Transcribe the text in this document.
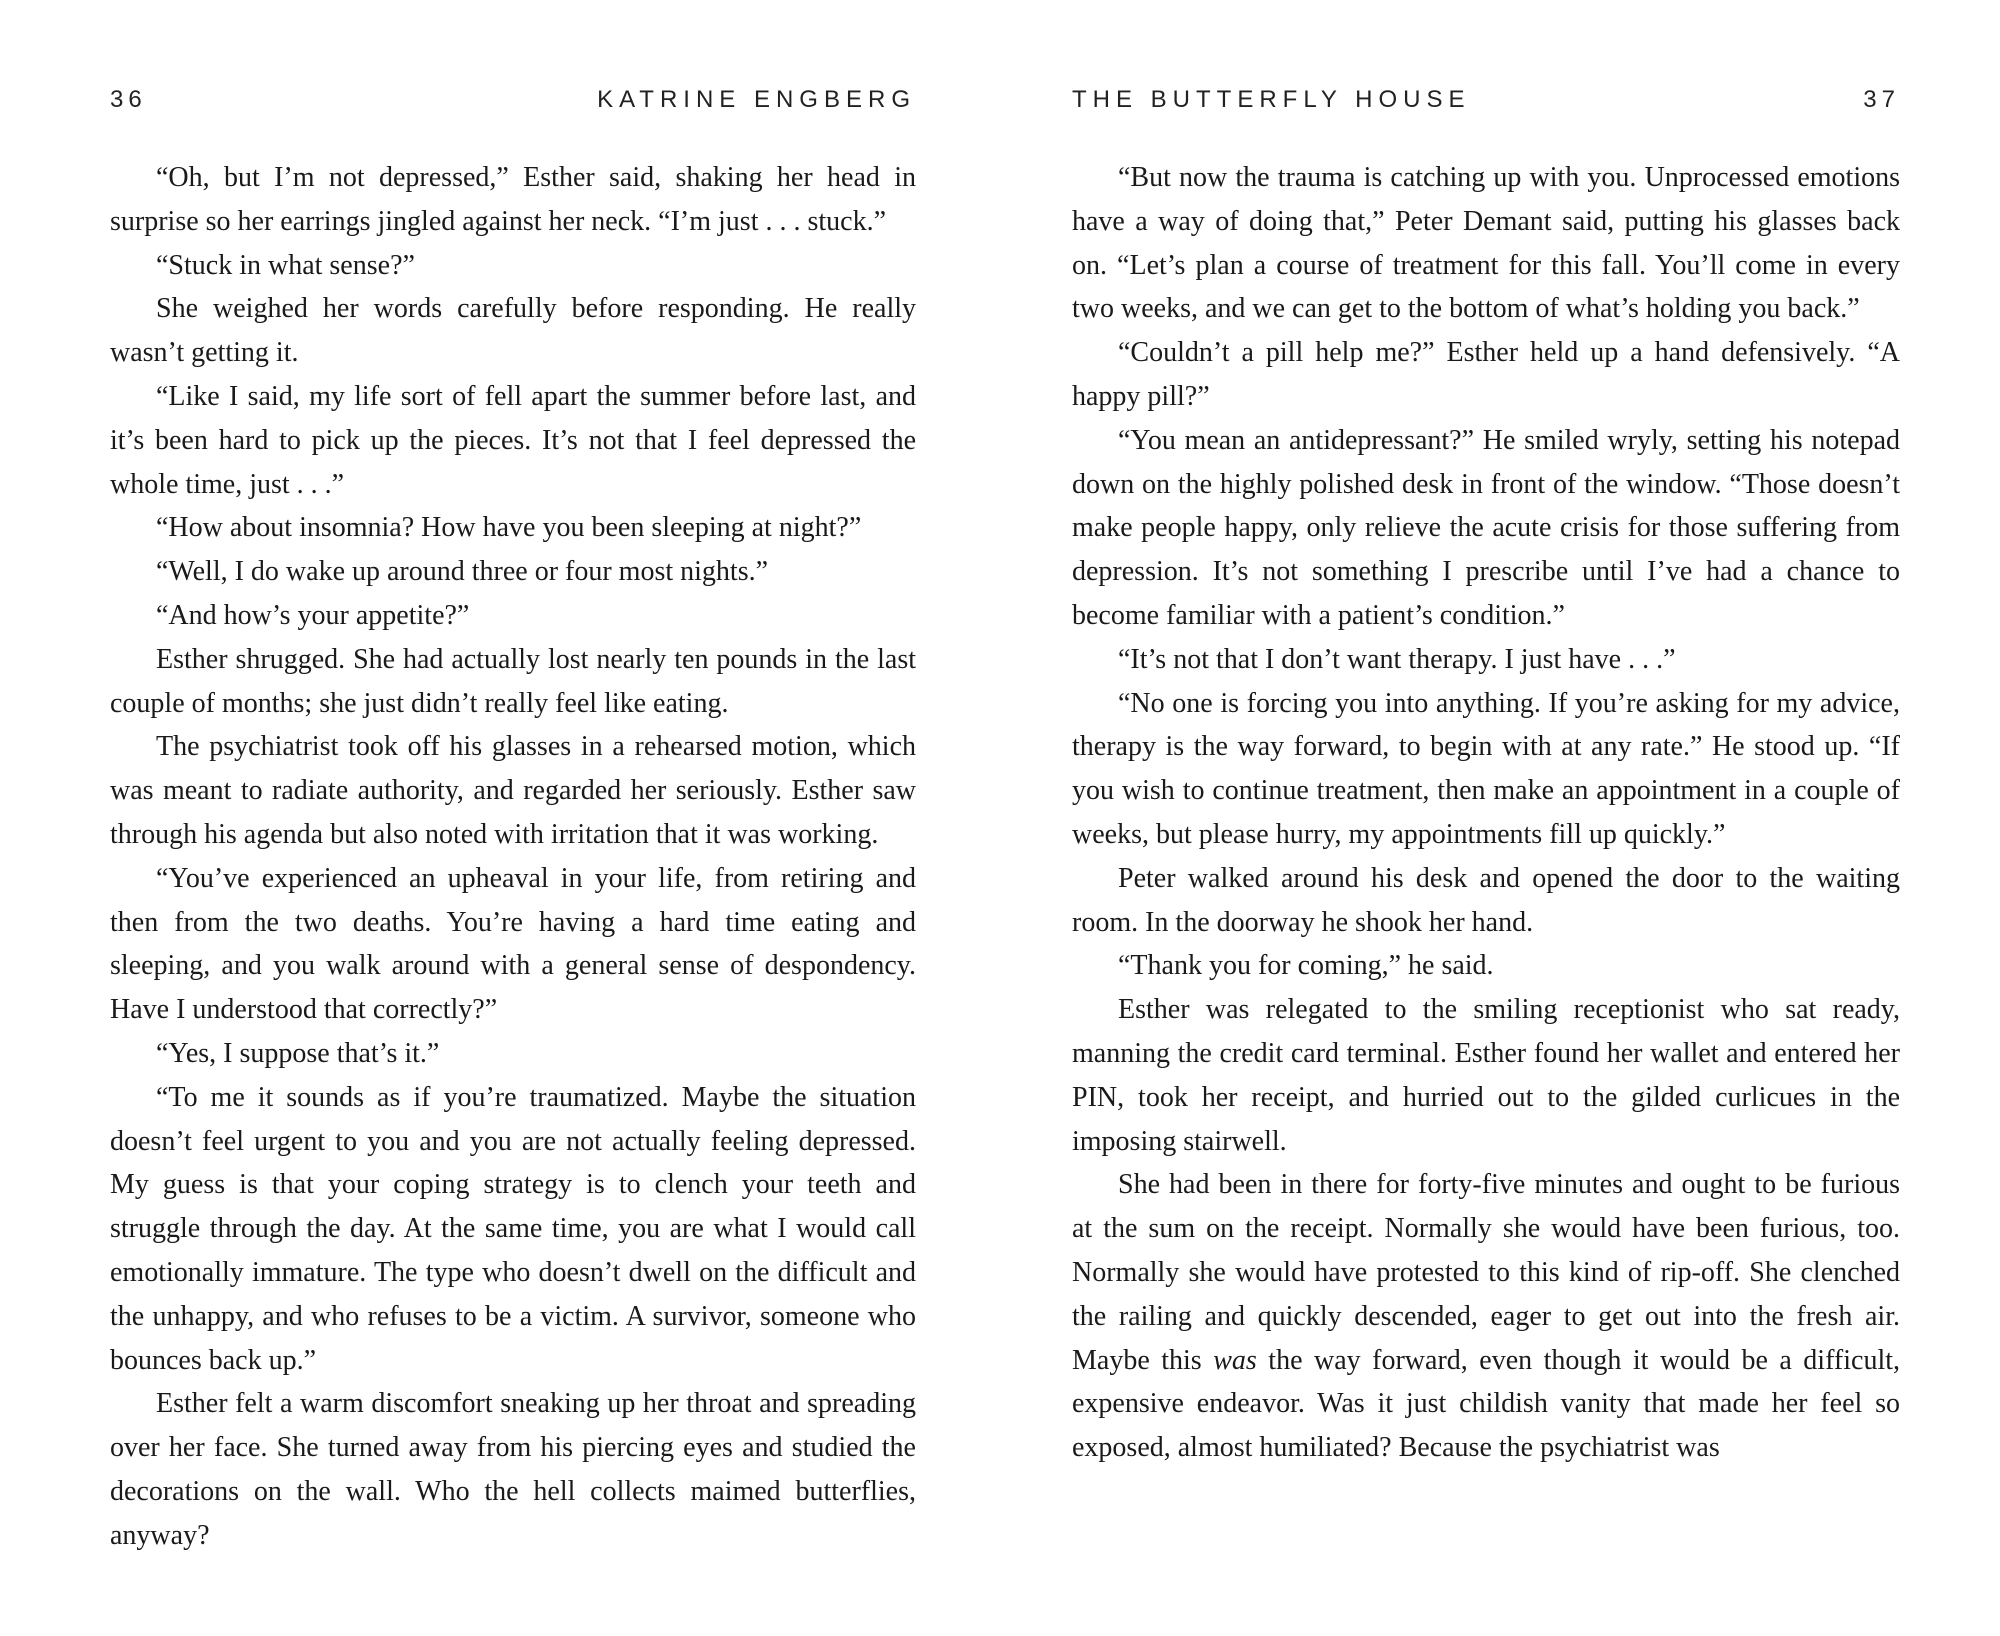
36	KATRINE ENGBERG

“Oh, but I’m not depressed,” Esther said, shaking her head in surprise so her earrings jingled against her neck. “I’m just . . . stuck.”

“Stuck in what sense?”

She weighed her words carefully before responding. He really wasn’t getting it.

“Like I said, my life sort of fell apart the summer before last, and it’s been hard to pick up the pieces. It’s not that I feel depressed the whole time, just . . .”

“How about insomnia? How have you been sleeping at night?”

“Well, I do wake up around three or four most nights.”

“And how’s your appetite?”

Esther shrugged. She had actually lost nearly ten pounds in the last couple of months; she just didn’t really feel like eating.

The psychiatrist took off his glasses in a rehearsed motion, which was meant to radiate authority, and regarded her seriously. Esther saw through his agenda but also noted with irritation that it was working.

“You’ve experienced an upheaval in your life, from retiring and then from the two deaths. You’re having a hard time eating and sleeping, and you walk around with a general sense of despondency. Have I understood that correctly?”

“Yes, I suppose that’s it.”

“To me it sounds as if you’re traumatized. Maybe the situation doesn’t feel urgent to you and you are not actually feeling depressed. My guess is that your coping strategy is to clench your teeth and struggle through the day. At the same time, you are what I would call emotionally immature. The type who doesn’t dwell on the difficult and the unhappy, and who refuses to be a victim. A survivor, someone who bounces back up.”

Esther felt a warm discomfort sneaking up her throat and spreading over her face. She turned away from his piercing eyes and studied the decorations on the wall. Who the hell collects maimed butterflies, anyway?

THE BUTTERFLY HOUSE	37

“But now the trauma is catching up with you. Unprocessed emotions have a way of doing that,” Peter Demant said, putting his glasses back on. “Let’s plan a course of treatment for this fall. You’ll come in every two weeks, and we can get to the bottom of what’s holding you back.”

“Couldn’t a pill help me?” Esther held up a hand defensively. “A happy pill?”

“You mean an antidepressant?” He smiled wryly, setting his notepad down on the highly polished desk in front of the window. “Those doesn’t make people happy, only relieve the acute crisis for those suffering from depression. It’s not something I prescribe until I’ve had a chance to become familiar with a patient’s condition.”

“It’s not that I don’t want therapy. I just have . . .”

“No one is forcing you into anything. If you’re asking for my advice, therapy is the way forward, to begin with at any rate.” He stood up. “If you wish to continue treatment, then make an appointment in a couple of weeks, but please hurry, my appointments fill up quickly.”

Peter walked around his desk and opened the door to the waiting room. In the doorway he shook her hand.

“Thank you for coming,” he said.

Esther was relegated to the smiling receptionist who sat ready, manning the credit card terminal. Esther found her wallet and entered her PIN, took her receipt, and hurried out to the gilded curlicues in the imposing stairwell.

She had been in there for forty-five minutes and ought to be furious at the sum on the receipt. Normally she would have been furious, too. Normally she would have protested to this kind of rip-off. She clenched the railing and quickly descended, eager to get out into the fresh air. Maybe this was the way forward, even though it would be a difficult, expensive endeavor. Was it just childish vanity that made her feel so exposed, almost humiliated? Because the psychiatrist was
